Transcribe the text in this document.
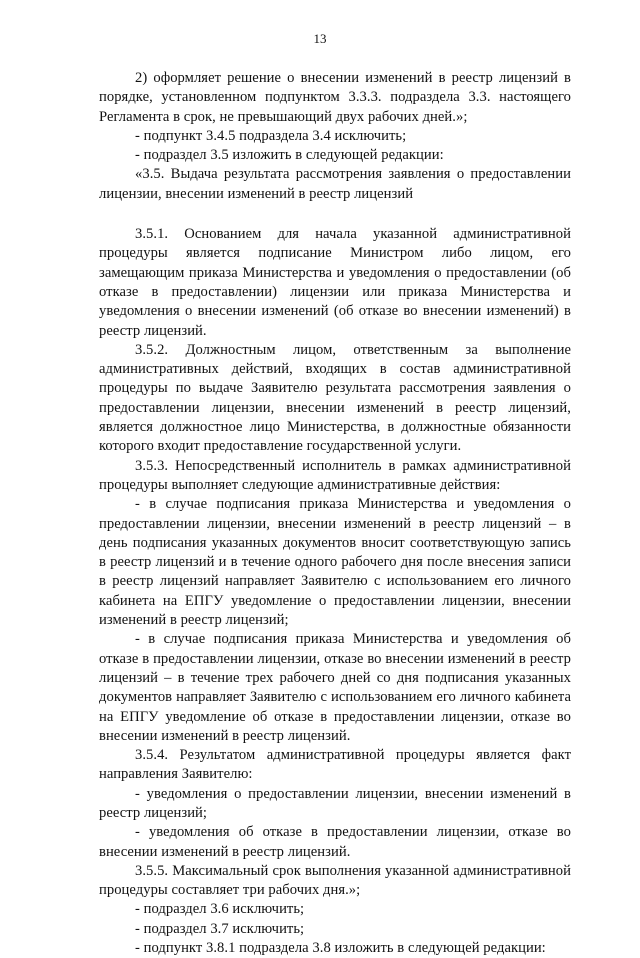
13

2) оформляет решение о внесении изменений в реестр лицензий в порядке, установленном подпунктом 3.3.3. подраздела 3.3. настоящего Регламента в срок, не превышающий двух рабочих дней.»;

- подпункт 3.4.5 подраздела 3.4 исключить;

- подраздел 3.5 изложить в следующей редакции:

«3.5. Выдача результата рассмотрения заявления о предоставлении лицензии, внесении изменений в реестр лицензий

3.5.1. Основанием для начала указанной административной процедуры является подписание Министром либо лицом, его замещающим приказа Министерства и уведомления о предоставлении (об отказе в предоставлении) лицензии или приказа Министерства и уведомления о внесении изменений (об отказе во внесении изменений) в реестр лицензий.

3.5.2. Должностным лицом, ответственным за выполнение административных действий, входящих в состав административной процедуры по выдаче Заявителю результата рассмотрения заявления о предоставлении лицензии, внесении изменений в реестр лицензий, является должностное лицо Министерства, в должностные обязанности которого входит предоставление государственной услуги.

3.5.3. Непосредственный исполнитель в рамках административной процедуры выполняет следующие административные действия:

- в случае подписания приказа Министерства и уведомления о предоставлении лицензии, внесении изменений в реестр лицензий – в день подписания указанных документов вносит соответствующую запись в реестр лицензий и в течение одного рабочего дня после внесения записи в реестр лицензий направляет Заявителю с использованием его личного кабинета на ЕПГУ уведомление о предоставлении лицензии, внесении изменений в реестр лицензий;

- в случае подписания приказа Министерства и уведомления об отказе в предоставлении лицензии, отказе во внесении изменений в реестр лицензий – в течение трех рабочего дней со дня подписания указанных документов направляет Заявителю с использованием его личного кабинета на ЕПГУ уведомление об отказе в предоставлении лицензии, отказе во внесении изменений в реестр лицензий.

3.5.4. Результатом административной процедуры является факт направления Заявителю:

- уведомления о предоставлении лицензии, внесении изменений в реестр лицензий;

- уведомления об отказе в предоставлении лицензии, отказе во внесении изменений в реестр лицензий.

3.5.5. Максимальный срок выполнения указанной административной процедуры составляет три рабочих дня.»;

- подраздел 3.6 исключить;

- подраздел 3.7 исключить;

- подпункт 3.8.1 подраздела 3.8 изложить в следующей редакции:
